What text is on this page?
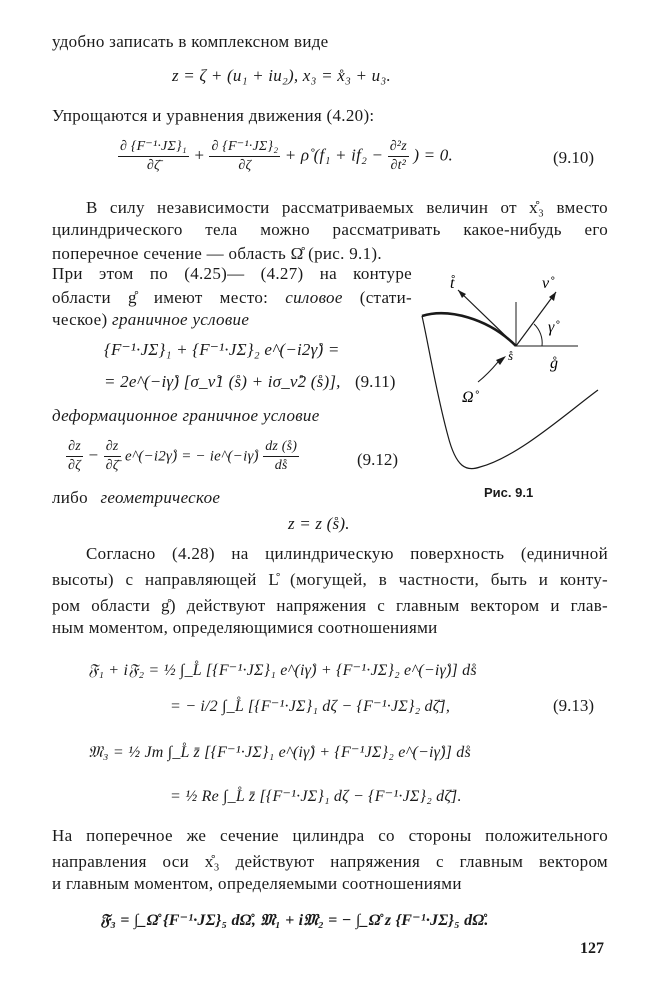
удобно записать в комплексном виде
z = ζ + (u₁ + iu₂), x₃ = x̊₃ + u₃.
Упрощаются и уравнения движения (4.20):
$\frac{\text{∂ \{F⁻¹·JΣ\}₁}}{\partial\zetā} + \frac{\text{∂ \{F⁻¹·JΣ\}₂}}{\partial\zeta}$ + ρ̊ ($f_1 + if_2 - \frac{\text{∂²z}}{\text{∂t²}}$ ) = 0.	(9.10)
В силу независимости рассматриваемых величин от x̊₃ вместо
цилиндрического тела можно рассматривать какое-нибудь его
поперечное сечение — область Ω̊ (рис. 9.1).
При этом по (4.25)— (4.27) на контуре
области g̊ имеют место: силовое (стати-
ческое) граничное условие
{F⁻¹·JΣ}₁ + {F⁻¹·JΣ}₂ e^(−i2γ̊) =
= 2e^(−iγ̊) [σ_ν̊1 (s̊) + iσ_ν̊2 (s̊)], (9.11)
деформационное граничное условие
$\frac{\partial z}{\partial\zeta} - \frac{\partial z}{\partial\zetā}$ e^(−i2γ̊) = − ie^(−iγ̊) $\frac{dz (s̊)}{ds̊}$	(9.12)
либо геометрическое
z = z (s̊).
t̊	ν̊
γ̊
s̊ g̊
Ω̊
Рис. 9.1
Согласно (4.28) на цилиндрическую поверхность (единичной
высоты) с направляющей L̊ (могущей, в частности, быть и конту-
ром области g̊) действуют напряжения с главным вектором и глав-
ным моментом, определяющимися соотношениями
𝔉₁ + i𝔉₂ = ½ ∫_L̊ [{F⁻¹·JΣ}₁ e^(iγ̊) + {F⁻¹·JΣ}₂ e^(−iγ̊)] ds̊
= − i/2 ∫_L̊ [{F⁻¹·JΣ}₁ dζ − {F⁻¹·JΣ}₂ dζ̄],	(9.13)
𝔐₃ = ½ Jm ∫_L̊ z̄ [{F⁻¹·JΣ}₁ e^(iγ̊) + {F⁻¹JΣ}₂ e^(−iγ̊)] ds̊
= ½ Re ∫_L̊ z̄ [{F⁻¹·JΣ}₁ dζ − {F⁻¹·JΣ}₂ dζ̄].
На поперечное же сечение цилиндра со стороны положительного
направления оси x̊₃ действуют напряжения с главным вектором
и главным моментом, определяемыми соотношениями
𝔉₃ = ∫_Ω̊ {F⁻¹·JΣ}₅ dΩ̊, 𝔐₁ + i𝔐₂ = − ∫_Ω̊ z {F⁻¹·JΣ}₅ dΩ̊.
127
